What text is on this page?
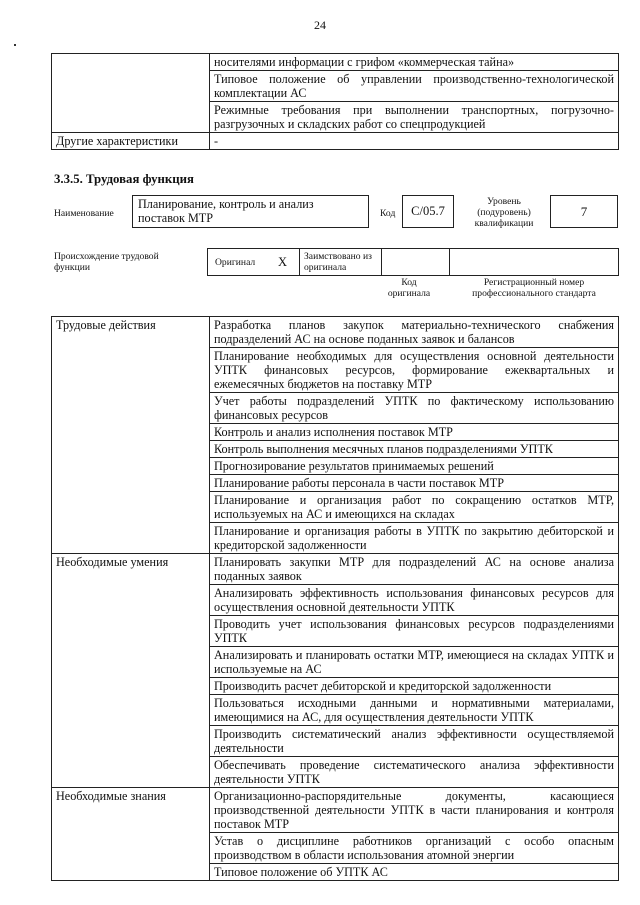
24
	носителями информации с грифом «коммерческая тайна»
	Типовое положение об управлении производственно-технологической комплектации АС
	Режимные требования при выполнении транспортных, погрузочно-разгрузочных и складских работ со спецпродукцией
Другие характеристики	-
3.3.5. Трудовая функция
Наименование
Планирование, контроль и анализ поставок МТР	Код	C/05.7
Уровень (подуровень) квалификации
7
Происхождение трудовой функции	Оригинал X Заимствовано из оригинала
Код оригинала
Регистрационный номер профессионального стандарта
Трудовые действия	Разработка планов закупок материально-технического снабжения подразделений АС на основе поданных заявок и балансов
	Планирование необходимых для осуществления основной деятельности УПТК финансовых ресурсов, формирование ежеквартальных и ежемесячных бюджетов на поставку МТР
	Учет работы подразделений УПТК по фактическому использованию финансовых ресурсов
	Контроль и анализ исполнения поставок МТР
	Контроль выполнения месячных планов подразделениями УПТК
	Прогнозирование результатов принимаемых решений
	Планирование работы персонала в части поставок МТР
	Планирование и организация работ по сокращению остатков МТР, используемых на АС и имеющихся на складах
	Планирование и организация работы в УПТК по закрытию дебиторской и кредиторской задолженности
Необходимые умения	Планировать закупки МТР для подразделений АС на основе анализа поданных заявок
	Анализировать эффективность использования финансовых ресурсов для осуществления основной деятельности УПТК
	Проводить учет использования финансовых ресурсов подразделениями УПТК
	Анализировать и планировать остатки МТР, имеющиеся на складах УПТК и используемые на АС
	Производить расчет дебиторской и кредиторской задолженности
	Пользоваться исходными данными и нормативными материалами, имеющимися на АС, для осуществления деятельности УПТК
	Производить систематический анализ эффективности осуществляемой деятельности
	Обеспечивать проведение систематического анализа эффективности деятельности УПТК
Необходимые знания	Организационно-распорядительные документы, касающиеся производственной деятельности УПТК в части планирования и контроля поставок МТР
	Устав о дисциплине работников организаций с особо опасным производством в области использования атомной энергии
	Типовое положение об УПТК АС
